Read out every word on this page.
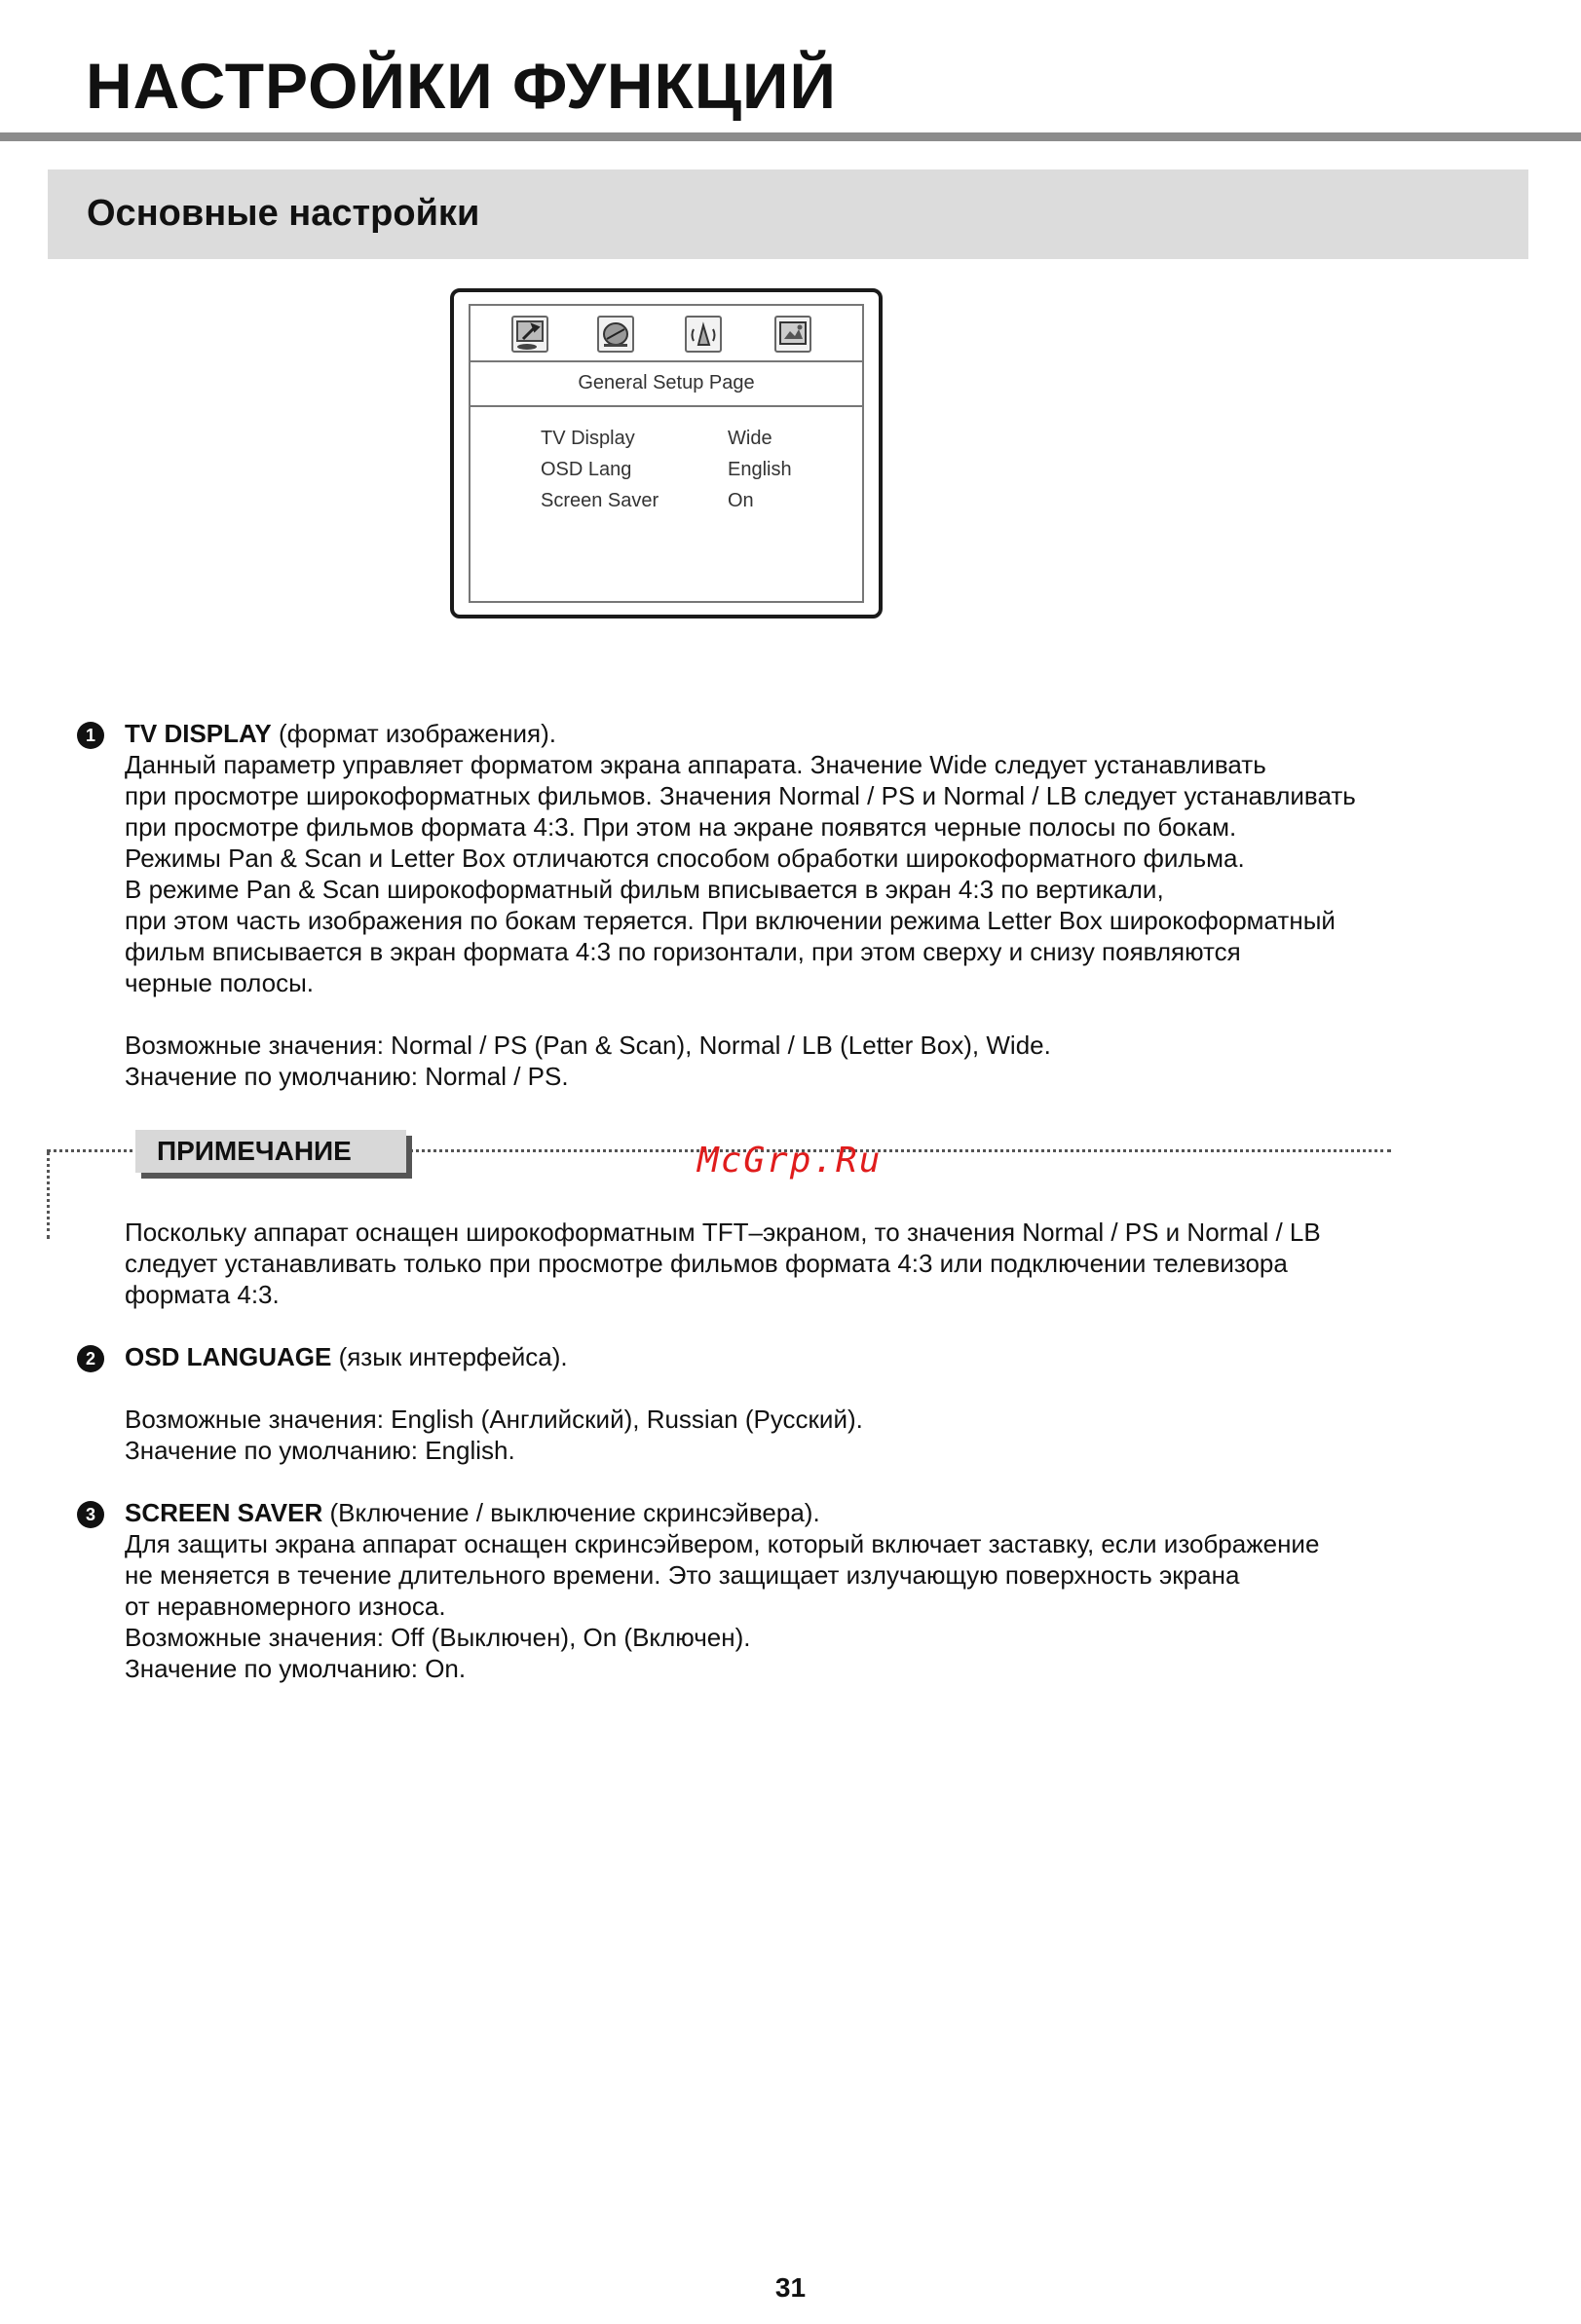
НАСТРОЙКИ ФУНКЦИЙ
Основные настройки
General Setup Page
TV Display	Wide
OSD Lang	English
Screen Saver	On
1	TV DISPLAY (формат изображения).

Данный параметр управляет форматом экрана аппарата. Значение Wide следует устанавливать

при просмотре широкоформатных фильмов. Значения Normal / PS и Normal / LB следует устанавливать

при просмотре фильмов формата 4:3. При этом на экране появятся черные полосы по бокам.

Режимы Pan & Scan и Letter Box отличаются способом обработки широкоформатного фильма.

В режиме Pan & Scan широкоформатный фильм вписывается в экран 4:3 по вертикали,

при этом часть изображения по бокам теряется. При включении режима Letter Box широкоформатный

фильм вписывается в экран формата 4:3 по горизонтали, при этом сверху и снизу появляются

черные полосы.

Возможные значения: Normal / PS (Pan & Scan), Normal / LB (Letter Box), Wide.

Значение по умолчанию: Normal / PS.

ПРИМЕЧАНИЕ	McGrp.Ru

Поскольку аппарат оснащен широкоформатным TFT–экраном, то значения Normal / PS и Normal / LB

следует устанавливать только при просмотре фильмов формата 4:3 или подключении телевизора

формата 4:3.

2	OSD LANGUAGE (язык интерфейса).

Возможные значения: English (Английский), Russian (Русский).

Значение по умолчанию: English.

3	SCREEN SAVER (Включение / выключение скринсэйвера).

Для защиты экрана аппарат оснащен скринсэйвером, который включает заставку, если изображение

не меняется в течение длительного времени. Это защищает излучающую поверхность экрана

от неравномерного износа.

Возможные значения: Off (Выключен), On (Включен).

Значение по умолчанию: On.

31
